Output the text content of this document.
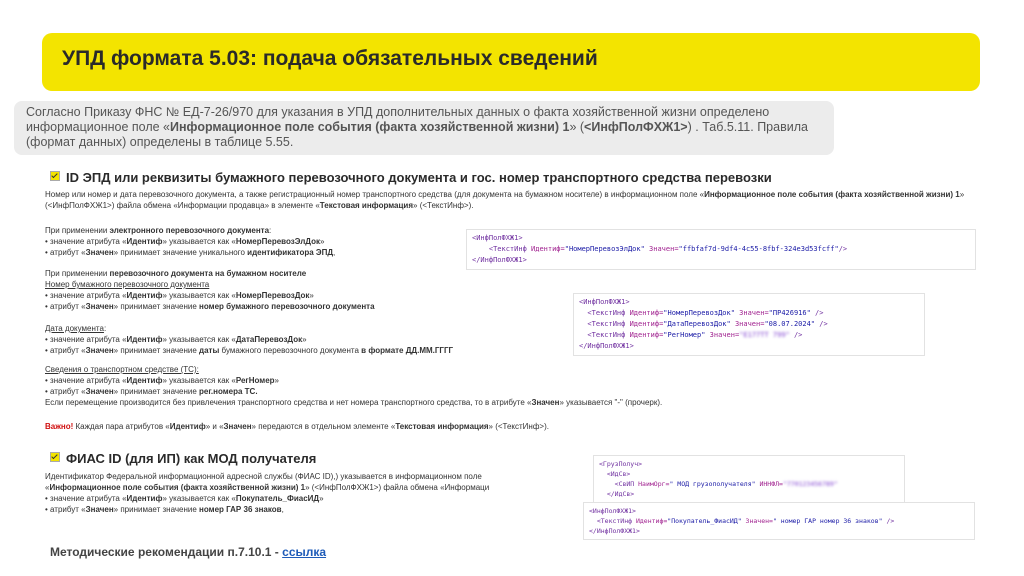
УПД формата 5.03: подача обязательных сведений

Согласно Приказу ФНС № ЕД-7-26/970 для указания в УПД дополнительных данных о факта хозяйственной жизни определено информационное поле «Информационное поле события (факта хозяйственной жизни) 1» (<ИнфПолФХЖ1>) . Таб.5.11. Правила (формат данных) определены в таблице 5.55.

ID ЭПД или реквизиты бумажного перевозочного документа и гос. номер транспортного средства перевозки
Номер или номер и дата перевозочного документа, а также регистрационный номер транспортного средства (для документа на бумажном носителе) в информационном поле «Информационное поле события (факта хозяйственной жизни) 1» (<ИнфПолФХЖ1>) файла обмена «Информации продавца» в элементе «Текстовая информация» (<ТекстИнф>).
При применении электронного перевозочного документа:
• значение атрибута «Идентиф» указывается как «НомерПеревозЭлДок»
• атрибут «Значен» принимает значение уникального идентификатора ЭПД,
<ИнфПолФХЖ1>
<ТекстИнф Идентиф="НомерПеревозЭлДок" Значен="ffbfaf7d-9df4-4c55-8fbf-324e3d53fcff"/>
</ИнфПолФХЖ1>
При применении перевозочного документа на бумажном носителе
Номер бумажного перевозочного документа
• значение атрибута «Идентиф» указывается как «НомерПеревозДок»
• атрибут «Значен» принимает значение номер бумажного перевозочного документа	<ИнфПолФХЖ1>
<ТекстИнф Идентиф="НомерПеревозДок" Значен="ПР426916" />
<ТекстИнф Идентиф="ДатаПеревозДок" Значен="08.07.2024" />
<ТекстИнф Идентиф="РегНомер" Значен="Е177ТТ 799" />
</ИнфПолФХЖ1>
Дата документа:
• значение атрибута «Идентиф» указывается как «ДатаПеревозДок»
• атрибут «Значен» принимает значение даты бумажного перевозочного документа в формате ДД.ММ.ГГГГ
Сведения о транспортном средстве (ТС):
• значение атрибута «Идентиф» указывается как «РегНомер»
• атрибут «Значен» принимает значение рег.номера ТС.
Если перемещение производится без привлечения транспортного средства и нет номера транспортного средства, то в атрибуте «Значен» указывается "-" (прочерк).
Важно! Каждая пара атрибутов «Идентиф» и «Значен» передаются в отдельном элементе «Текстовая информация» (<ТекстИнф>).
ФИАС ID (для ИП) как МОД получателя
Идентификатор Федеральной информационной адресной службы (ФИАС ID),) указывается в информационном поле
«Информационное поле события (факта хозяйственной жизни) 1» (<ИнфПолФХЖ1>) файла обмена «Информаци
• значение атрибута «Идентиф» указывается как «Покупатель_ФиасИД»
• атрибут «Значен» принимает значение номер ГАР 36 знаков,
<ГрузПолуч>
<ИдСв>
<СвИП НаимОрг=" МОД грузополучателя" ИННФЛ="770123456789"
</ИдСв>
<ИнфПолФХЖ1>
<ТекстИнф Идентиф="Покупатель_ФиасИД" Значен=" номер ГАР номер 36 знаков" />
</ИнфПолФХЖ1>
Методические рекомендации п.7.10.1 - ссылка
